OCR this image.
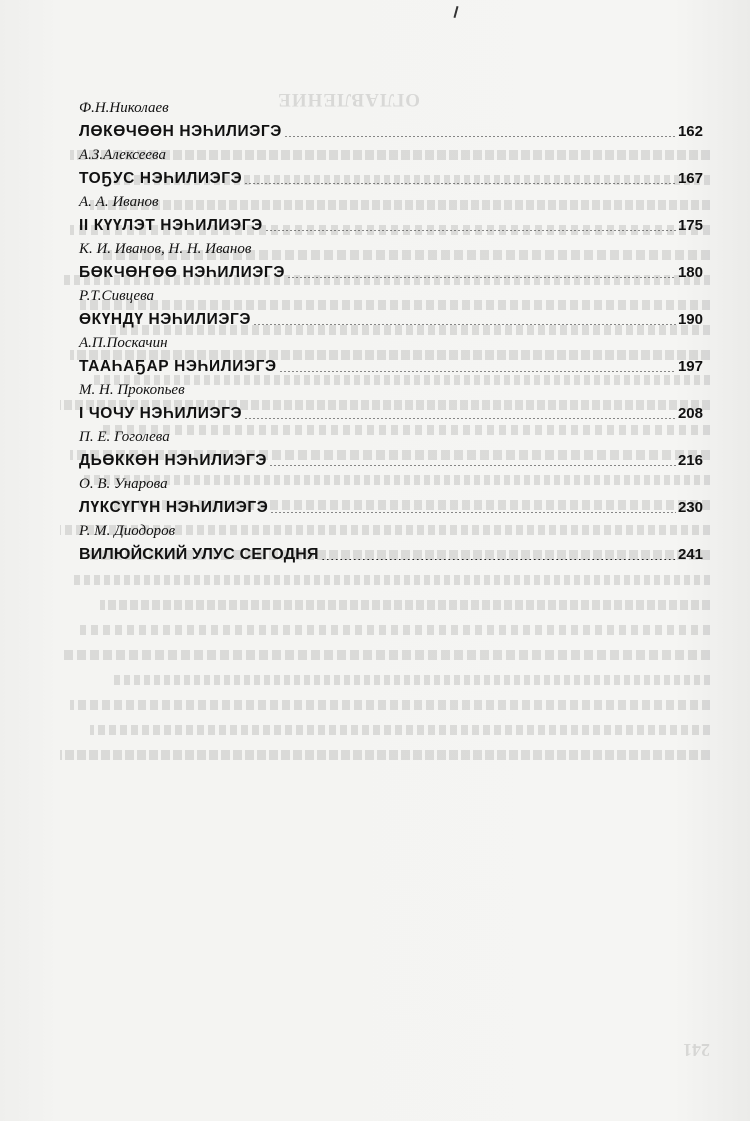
ОГЛАВЛЕНИЕ
241
Ф.Н.Николаев
ЛӨКӨЧӨӨН НЭҺИЛИЭГЭ	162
А.З.Алексеева
ТОҔУС НЭҺИЛИЭГЭ	167
А. А. Иванов
II КҮҮЛЭТ НЭҺИЛИЭГЭ	175
К. И. Иванов, Н. Н. Иванов
БӨКЧӨҤӨӨ НЭҺИЛИЭГЭ	180
Р.Т.Сивцева
ӨКҮНДҮ НЭҺИЛИЭГЭ	190
А.П.Поскачин
ТААҺАҔАР НЭҺИЛИЭГЭ	197
М. Н. Прокопьев
I ЧОЧУ НЭҺИЛИЭГЭ	208
П. Е. Гоголева
ДЬӨККӨН НЭҺИЛИЭГЭ	216
О. В. Унарова
ЛҮКСҮГҮН НЭҺИЛИЭГЭ	230
Р. М. Диодоров
ВИЛЮЙСКИЙ УЛУС СЕГОДНЯ	241
